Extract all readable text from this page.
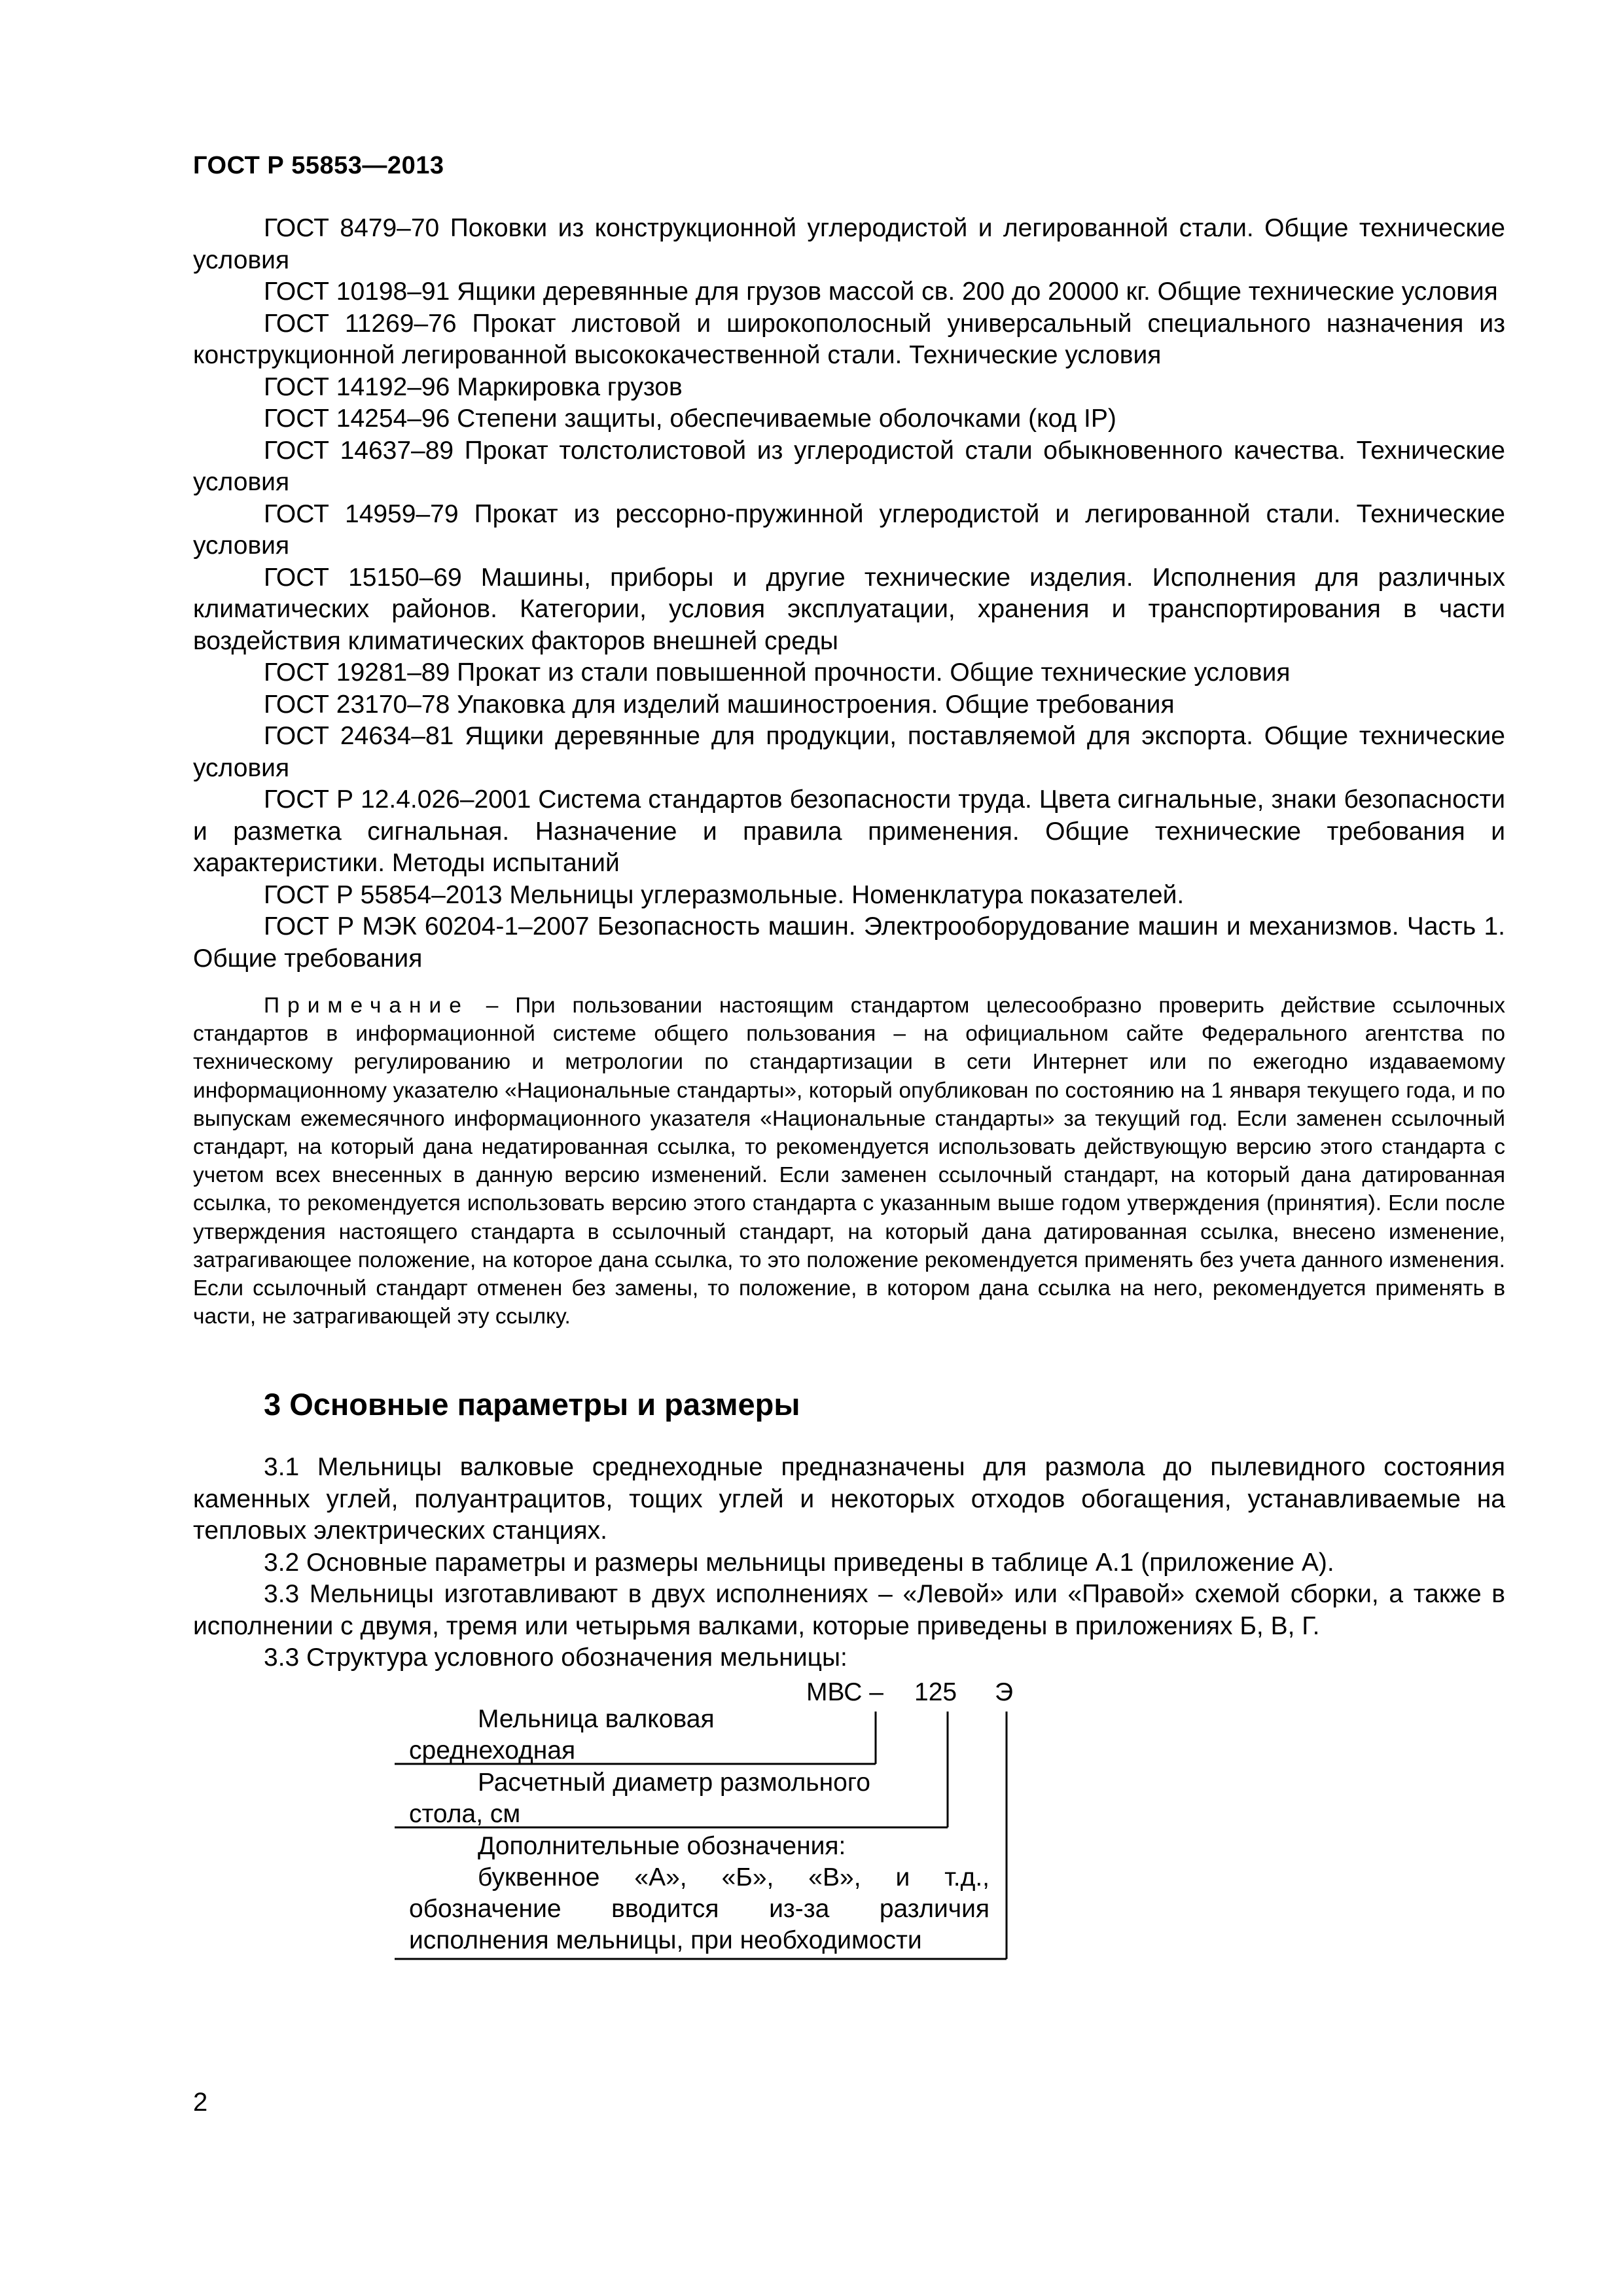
ГОСТ Р 55853—2013

ГОСТ 8479–70 Поковки из конструкционной углеродистой и легированной стали. Общие технические условия

ГОСТ 10198–91 Ящики деревянные для грузов массой св. 200 до 20000 кг. Общие технические условия

ГОСТ 11269–76 Прокат листовой и широкополосный универсальный специального назначения из конструкционной легированной высококачественной стали. Технические условия

ГОСТ 14192–96 Маркировка грузов

ГОСТ 14254–96 Степени защиты, обеспечиваемые оболочками (код IP)

ГОСТ 14637–89 Прокат толстолистовой из углеродистой стали обыкновенного качества. Технические условия

ГОСТ 14959–79 Прокат из рессорно-пружинной углеродистой и легированной стали. Технические условия

ГОСТ 15150–69 Машины, приборы и другие технические изделия. Исполнения для различных климатических районов. Категории, условия эксплуатации, хранения и транспортирования в части воздействия климатических факторов внешней среды

ГОСТ 19281–89 Прокат из стали повышенной прочности. Общие технические условия

ГОСТ 23170–78 Упаковка для изделий машиностроения. Общие требования

ГОСТ 24634–81 Ящики деревянные для продукции, поставляемой для экспорта. Общие технические условия

ГОСТ Р 12.4.026–2001 Система стандартов безопасности труда. Цвета сигнальные, знаки безопасности и разметка сигнальная. Назначение и правила применения. Общие технические требования и характеристики. Методы испытаний

ГОСТ Р 55854–2013 Мельницы углеразмольные. Номенклатура показателей.

ГОСТ Р МЭК 60204-1–2007 Безопасность машин. Электрооборудование машин и механизмов. Часть 1. Общие требования

Примечание – При пользовании настоящим стандартом целесообразно проверить действие ссылочных стандартов в информационной системе общего пользования – на официальном сайте Федерального агентства по техническому регулированию и метрологии по стандартизации в сети Интернет или по ежегодно издаваемому информационному указателю «Национальные стандарты», который опубликован по состоянию на 1 января текущего года, и по выпускам ежемесячного информационного указателя «Национальные стандарты» за текущий год. Если заменен ссылочный стандарт, на который дана недатированная ссылка, то рекомендуется использовать действующую версию этого стандарта с учетом всех внесенных в данную версию изменений. Если заменен ссылочный стандарт, на который дана датированная ссылка, то рекомендуется использовать версию этого стандарта с указанным выше годом утверждения (принятия). Если после утверждения настоящего стандарта в ссылочный стандарт, на который дана датированная ссылка, внесено изменение, затрагивающее положение, на которое дана ссылка, то это положение рекомендуется применять без учета данного изменения. Если ссылочный стандарт отменен без замены, то положение, в котором дана ссылка на него, рекомендуется применять в части, не затрагивающей эту ссылку.

3 Основные параметры и размеры

3.1 Мельницы валковые среднеходные предназначены для размола до пылевидного состояния каменных углей, полуантрацитов, тощих углей и некоторых отходов обогащения, устанавливаемые на тепловых электрических станциях.

3.2 Основные параметры и размеры мельницы приведены в таблице А.1 (приложение А).

3.3 Мельницы изготавливают в двух исполнениях – «Левой» или «Правой» схемой сборки, а также в исполнении с двумя, тремя или четырьмя валками, которые приведены в приложениях Б, В, Г.

3.3 Структура условного обозначения мельницы:

МВС – 125 Э
Мельница валковая
среднеходная
Расчетный диаметр размольного
стола, см
Дополнительные обозначения:
буквенное «А», «Б», «В», и т.д.,
обозначение вводится из-за различия
исполнения мельницы, при необходимости
2
